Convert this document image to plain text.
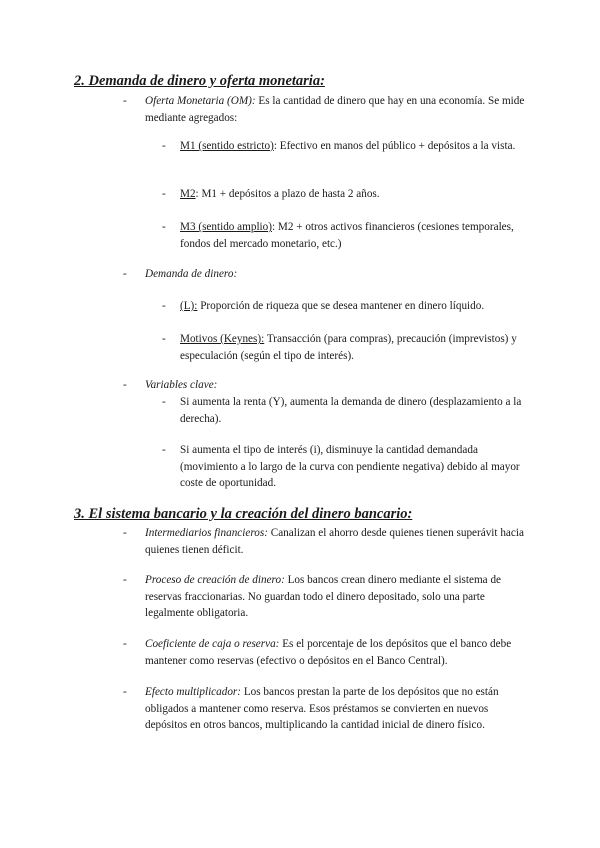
2. Demanda de dinero y oferta monetaria:
- Oferta Monetaria (OM): Es la cantidad de dinero que hay en una economía. Se mide mediante agregados:
- M1 (sentido estricto): Efectivo en manos del público + depósitos a la vista.
- M2: M1 + depósitos a plazo de hasta 2 años.
- M3 (sentido amplio): M2 + otros activos financieros (cesiones temporales, fondos del mercado monetario, etc.)
- Demanda de dinero:
- (L): Proporción de riqueza que se desea mantener en dinero líquido.
- Motivos (Keynes): Transacción (para compras), precaución (imprevistos) y especulación (según el tipo de interés).
- Variables clave:
- Si aumenta la renta (Y), aumenta la demanda de dinero (desplazamiento a la derecha).
- Si aumenta el tipo de interés (i), disminuye la cantidad demandada (movimiento a lo largo de la curva con pendiente negativa) debido al mayor coste de oportunidad.
3. El sistema bancario y la creación del dinero bancario:
- Intermediarios financieros: Canalizan el ahorro desde quienes tienen superávit hacia quienes tienen déficit.
- Proceso de creación de dinero: Los bancos crean dinero mediante el sistema de reservas fraccionarias. No guardan todo el dinero depositado, solo una parte legalmente obligatoria.
- Coeficiente de caja o reserva: Es el porcentaje de los depósitos que el banco debe mantener como reservas (efectivo o depósitos en el Banco Central).
- Efecto multiplicador: Los bancos prestan la parte de los depósitos que no están obligados a mantener como reserva. Esos préstamos se convierten en nuevos depósitos en otros bancos, multiplicando la cantidad inicial de dinero físico.
